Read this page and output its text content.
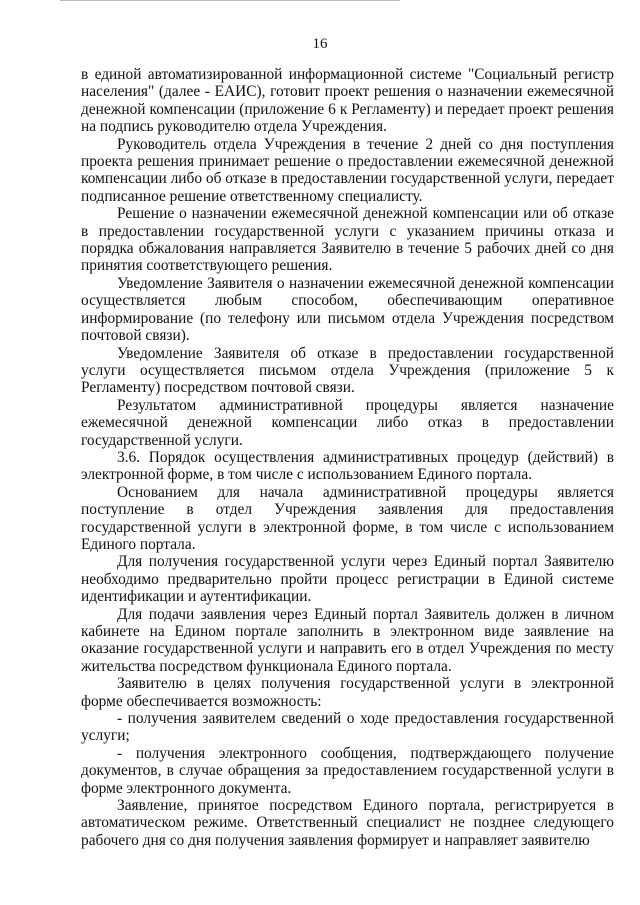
16

в единой автоматизированной информационной системе "Социальный регистр населения" (далее - ЕАИС), готовит проект решения о назначении ежемесячной денежной компенсации (приложение 6 к Регламенту) и передает проект решения на подпись руководителю отдела Учреждения.

Руководитель отдела Учреждения в течение 2 дней со дня поступления проекта решения принимает решение о предоставлении ежемесячной денежной компенсации либо об отказе в предоставлении государственной услуги, передает подписанное решение ответственному специалисту.

Решение о назначении ежемесячной денежной компенсации или об отказе в предоставлении государственной услуги с указанием причины отказа и порядка обжалования направляется Заявителю в течение 5 рабочих дней со дня принятия соответствующего решения.

Уведомление Заявителя о назначении ежемесячной денежной компенсации осуществляется любым способом, обеспечивающим оперативное информирование (по телефону или письмом отдела Учреждения посредством почтовой связи).

Уведомление Заявителя об отказе в предоставлении государственной услуги осуществляется письмом отдела Учреждения (приложение 5 к Регламенту) посредством почтовой связи.

Результатом административной процедуры является назначение ежемесячной денежной компенсации либо отказ в предоставлении государственной услуги.

3.6. Порядок осуществления административных процедур (действий) в электронной форме, в том числе с использованием Единого портала.

Основанием для начала административной процедуры является поступление в отдел Учреждения заявления для предоставления государственной услуги в электронной форме, в том числе с использованием Единого портала.

Для получения государственной услуги через Единый портал Заявителю необходимо предварительно пройти процесс регистрации в Единой системе идентификации и аутентификации.

Для подачи заявления через Единый портал Заявитель должен в личном кабинете на Едином портале заполнить в электронном виде заявление на оказание государственной услуги и направить его в отдел Учреждения по месту жительства посредством функционала Единого портала.

Заявителю в целях получения государственной услуги в электронной форме обеспечивается возможность:

- получения заявителем сведений о ходе предоставления государственной услуги;

- получения электронного сообщения, подтверждающего получение документов, в случае обращения за предоставлением государственной услуги в форме электронного документа.

Заявление, принятое посредством Единого портала, регистрируется в автоматическом режиме. Ответственный специалист не позднее следующего рабочего дня со дня получения заявления формирует и направляет заявителю
